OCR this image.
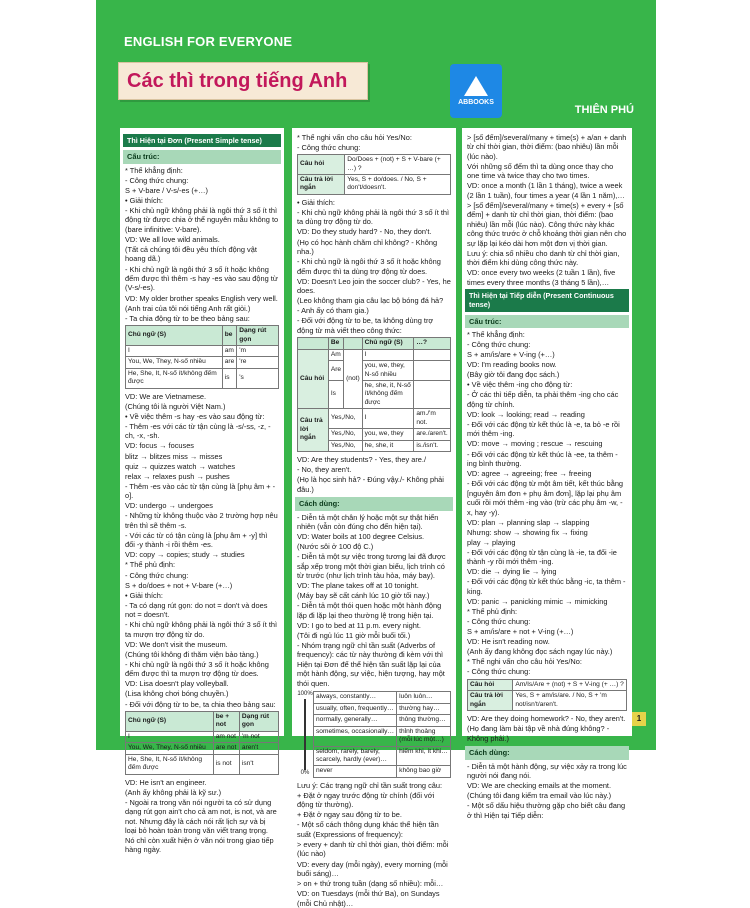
ENGLISH FOR EVERYONE
Các thì trong tiếng Anh
ABBOOKS
THIÊN PHÚ
Thì Hiện tại Đơn (Present Simple tense)
Cấu trúc:
* Thể khẳng định:
- Công thức chung:
S + V-bare / V-s/-es (+…)
• Giải thích:
- Khi chủ ngữ không phải là ngôi thứ 3 số ít thì động từ được chia ở thể nguyên mẫu không to (bare infinitive: V-bare).
VD: We all love wild animals.
(Tất cả chúng tôi đều yêu thích động vật hoang dã.)
- Khi chủ ngữ là ngôi thứ 3 số ít hoặc không đếm được thì thêm -s hay -es vào sau động từ (V-s/-es).
VD: My older brother speaks English very well.
(Anh trai của tôi nói tiếng Anh rất giỏi.)
- Ta chia động từ to be theo bảng sau:
Chủ ngữ (S)	be	Dạng rút gọn
I	am	'm
You, We, They, N-số nhiều	are	're
He, She, It, N-số ít/không đếm được	is	's
VD: We are Vietnamese.
(Chúng tôi là người Việt Nam.)
• Về việc thêm -s hay -es vào sau động từ:
- Thêm -es với các từ tận cùng là -s/-ss, -z, -ch, -x, -sh.
VD: focus → focuses
blitz → blitzes miss → misses
quiz → quizzes watch → watches
relax → relaxes push → pushes
- Thêm -es vào các từ tận cùng là [phụ âm + -o].
VD: undergo → undergoes
- Những từ không thuộc vào 2 trường hợp nêu trên thì sẽ thêm -s.
- Với các từ có tận cùng là [phụ âm + -y] thì đổi -y thành -i rồi thêm -es.
VD: copy → copies; study → studies
* Thể phủ định:
- Công thức chung:
S + do/does + not + V-bare (+…)
• Giải thích:
- Ta có dạng rút gọn: do not = don't và does not = doesn't.
- Khi chủ ngữ không phải là ngôi thứ 3 số ít thì ta mượn trợ động từ do.
VD: We don't visit the museum.
(Chúng tôi không đi thăm viện bảo tàng.)
- Khi chủ ngữ là ngôi thứ 3 số ít hoặc không đếm được thì ta mượn trợ động từ does.
VD: Lisa doesn't play volleyball.
(Lisa không chơi bóng chuyền.)
- Đối với động từ to be, ta chia theo bảng sau:
Chủ ngữ (S)	be + not	Dạng rút gọn
I	am not	'm not
You, We, They, N-số nhiều	are not	aren't
He, She, It, N-số ít/không đếm được	is not	isn't
VD: He isn't an engineer.
(Anh ấy không phải là kỹ sư.)
- Ngoài ra trong văn nói người ta có sử dụng dạng rút gọn ain't cho cả am not, is not, và are not. Nhưng đây là cách nói rất lịch sự và bị loại bỏ hoàn toàn trong văn viết trang trọng. Nó chỉ còn xuất hiện ở văn nói trong giao tiếp hàng ngày.
* Thể nghi vấn cho câu hỏi Yes/No:
- Công thức chung:
Câu hỏi	Do/Does + (not) + S + V-bare (+ …) ?
Câu trả lời ngắn	Yes, S + do/does. / No, S + don't/doesn't.
• Giải thích:
- Khi chủ ngữ không phải là ngôi thứ 3 số ít thì ta dùng trợ động từ do.
VD: Do they study hard? - No, they don't.
(Họ có học hành chăm chỉ không? - Không nha.)
- Khi chủ ngữ là ngôi thứ 3 số ít hoặc không đếm được thì ta dùng trợ động từ does.
VD: Doesn't Leo join the soccer club? - Yes, he does.
(Leo không tham gia câu lạc bộ bóng đá hả?
- Anh ấy có tham gia.)
- Đối với động từ to be, ta không dùng trợ động từ mà viết theo công thức:
	Be		Chủ ngữ (S)	…?
Câu hỏi	Am	(not)	I	
	Are		you, we, they, N-số nhiều	
	Is		he, she, it, N-số ít/không đếm được	
Câu trả lời ngắn	Yes,/No,		I	am./'m not.
	Yes,/No,		you, we, they	are./aren't.
	Yes,/No,		he, she, it	is./isn't.
VD: Are they students? - Yes, they are./
- No, they aren't.
(Họ là học sinh hả? - Đúng vậy./- Không phải đâu.)
Cách dùng:
- Diễn tả một chân lý hoặc một sự thật hiển nhiên (vẫn còn đúng cho đến hiện tại).
VD: Water boils at 100 degree Celsius.
(Nước sôi ở 100 độ C.)
- Diễn tả một sự việc trong tương lai đã được sắp xếp trong một thời gian biểu, lịch trình có từ trước (như lịch trình tàu hỏa, máy bay).
VD: The plane takes off at 10 tonight.
(Máy bay sẽ cất cánh lúc 10 giờ tối nay.)
- Diễn tả một thói quen hoặc một hành động lặp đi lặp lại theo thường lệ trong hiện tại.
VD: I go to bed at 11 p.m. every night.
(Tôi đi ngủ lúc 11 giờ mỗi buổi tối.)
- Nhóm trạng ngữ chỉ tần suất (Adverbs of frequency): các từ này thường đi kèm với thì Hiện tại Đơn để thể hiện tần suất lặp lại của một hành động, sự việc, hiện tượng, hay một thói quen.
100%
0%
always, constantly…	luôn luôn…
usually, often, frequently…	thường hay…
normally, generally…	thông thường…
sometimes, occasionally…	thỉnh thoảng (mỗi lúc một…)
seldom, rarely, barely, scarcely, hardly (ever)…	hiếm khi, ít khi…
never	không bao giờ
Lưu ý: Các trạng ngữ chỉ tần suất trong câu:
+ Đặt ở ngay trước động từ chính (đối với động từ thường).
+ Đặt ở ngay sau động từ to be.
- Một số cách thông dụng khác thể hiện tần suất (Expressions of frequency):
> every + danh từ chỉ thời gian, thời điểm: mỗi (lúc nào)
VD: every day (mỗi ngày), every morning (mỗi buổi sáng)…
> on + thứ trong tuần (dạng số nhiều): mỗi…
VD: on Tuesdays (mỗi thứ Ba), on Sundays (mỗi Chủ nhật)…
> [số đếm]/several/many + time(s) + a/an + danh từ chỉ thời gian, thời điểm: (bao nhiêu) lần mỗi (lúc nào).
Với những số đếm thì ta dùng once thay cho one time và twice thay cho two times.
VD: once a month (1 lần 1 tháng), twice a week (2 lần 1 tuần), four times a year (4 lần 1 năm),…
> [số đếm]/several/many + time(s) + every + [số đếm] + danh từ chỉ thời gian, thời điểm: (bao nhiêu) lần mỗi (lúc nào). Công thức này khác công thức trước ở chỗ khoảng thời gian nên cho sự lặp lại kéo dài hơn một đơn vị thời gian.
Lưu ý: chia số nhiều cho danh từ chỉ thời gian, thời điểm khi dùng công thức này.
VD: once every two weeks (2 tuần 1 lần), five times every three months (3 tháng 5 lần),…
Thì Hiện tại Tiếp diễn (Present Continuous tense)
Cấu trúc:
* Thể khẳng định:
- Công thức chung:
S + am/is/are + V-ing (+…)
VD: I'm reading books now.
(Bây giờ tôi đang đọc sách.)
• Về việc thêm -ing cho động từ:
- Ở các thì tiếp diễn, ta phải thêm -ing cho các động từ chính.
VD: look → looking; read → reading
- Đối với các động từ kết thúc là -e, ta bỏ -e rồi mới thêm -ing.
VD: move → moving ; rescue → rescuing
- Đối với các động từ kết thúc là -ee, ta thêm -ing bình thường.
VD: agree → agreeing; free → freeing
- Đối với các động từ một âm tiết, kết thúc bằng [nguyên âm đơn + phụ âm đơn], lặp lại phụ âm cuối rồi mới thêm -ing vào (trừ các phụ âm -w, -x, hay -y).
VD: plan → planning slap → slapping
Nhưng: show → showing fix → fixing
play → playing
- Đối với các động từ tận cùng là -ie, ta đổi -ie thành -y rồi mới thêm -ing.
VD: die → dying lie → lying
- Đối với các động từ kết thúc bằng -ic, ta thêm -king.
VD: panic → panicking mimic → mimicking
* Thể phủ định:
- Công thức chung:
S + am/is/are + not + V-ing (+…)
VD: He isn't reading now.
(Anh ấy đang không đọc sách ngay lúc này.)
* Thể nghi vấn cho câu hỏi Yes/No:
- Công thức chung:
Câu hỏi	Am/Is/Are + (not) + S + V-ing (+ …) ?
Câu trả lời ngắn	Yes, S + am/is/are. / No, S + 'm not/isn't/aren't.
VD: Are they doing homework? - No, they aren't.
(Họ đang làm bài tập về nhà đúng không? - Không phải.)
Cách dùng:
- Diễn tả một hành động, sự việc xảy ra trong lúc người nói đang nói.
VD: We are checking emails at the moment.
(Chúng tôi đang kiểm tra email vào lúc này.)
- Một số dấu hiệu thường gặp cho biết câu đang ở thì Hiện tại Tiếp diễn:
1
